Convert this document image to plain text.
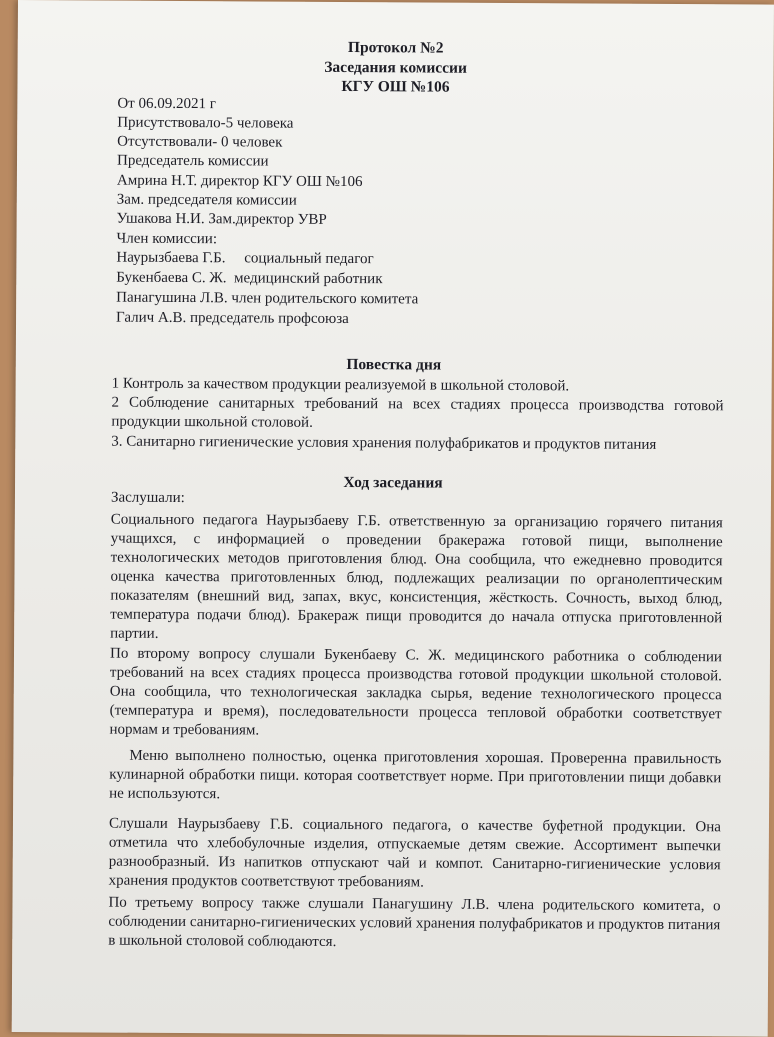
Протокол №2
Заседания комиссии
КГУ ОШ №106
От 06.09.2021 г
Присутствовало-5 человека
Отсутствовали- 0 человек
Председатель комиссии
Амрина Н.Т. директор КГУ ОШ №106
Зам. председателя комиссии
Ушакова Н.И. Зам.директор УВР
Член комиссии:
Наурызбаева Г.Б.     социальный педагог
Букенбаева С. Ж.  медицинский работник
Панагушина Л.В. член родительского комитета
Галич А.В. председатель профсоюза
Повестка дня
1 Контроль за качеством продукции реализуемой в школьной столовой.
2 Соблюдение санитарных требований на всех стадиях процесса производства готовой продукции школьной столовой.
3. Санитарно гигиенические условия хранения полуфабрикатов и продуктов питания
Ход заседания
Заслушали:
Социального педагога Наурызбаеву Г.Б. ответственную за организацию горячего питания учащихся, с информацией о проведении бракеража готовой пищи, выполнение технологических методов приготовления блюд. Она сообщила, что ежедневно проводится оценка качества приготовленных блюд, подлежащих реализации по органолептическим показателям (внешний вид, запах, вкус, консистенция, жёсткость. Сочность, выход блюд, температура подачи блюд). Бракераж пищи проводится до начала отпуска приготовленной партии.
По второму вопросу слушали Букенбаеву С. Ж. медицинского работника о соблюдении требований на всех стадиях процесса производства готовой продукции школьной столовой. Она сообщила, что технологическая закладка сырья, ведение технологического процесса (температура и время), последовательности процесса тепловой обработки соответствует нормам и требованиям.
Меню выполнено полностью, оценка приготовления хорошая. Проверенна правильность кулинарной обработки пищи. которая соответствует норме. При приготовлении пищи добавки не используются.
Слушали Наурызбаеву Г.Б. социального педагога, о качестве буфетной продукции. Она отметила что хлебобулочные изделия, отпускаемые детям свежие. Ассортимент выпечки разнообразный. Из напитков отпускают чай и компот. Санитарно-гигиенические условия хранения продуктов соответствуют требованиям.
По третьему вопросу также слушали Панагушину Л.В. члена родительского комитета, о соблюдении санитарно-гигиенических условий хранения полуфабрикатов и продуктов питания в школьной столовой соблюдаются.
